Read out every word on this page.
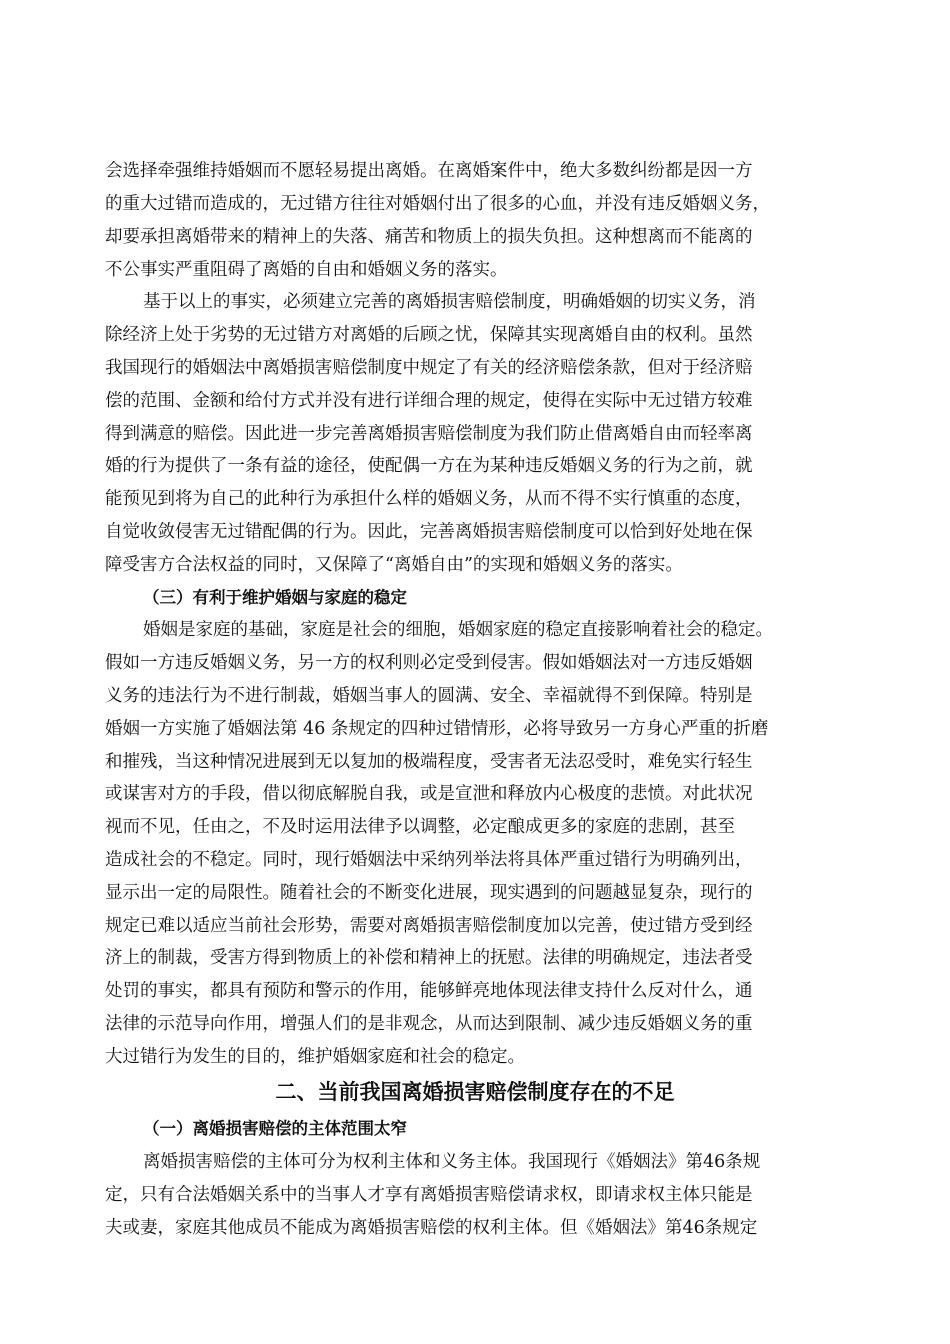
会选择牵强维持婚姻而不愿轻易提出离婚。在离婚案件中，绝大多数纠纷都是因一方
的重大过错而造成的，无过错方往往对婚姻付出了很多的心血，并没有违反婚姻义务，
却要承担离婚带来的精神上的失落、痛苦和物质上的损失负担。这种想离而不能离的
不公事实严重阻碍了离婚的自由和婚姻义务的落实。
基于以上的事实，必须建立完善的离婚损害赔偿制度，明确婚姻的切实义务，消
除经济上处于劣势的无过错方对离婚的后顾之忧，保障其实现离婚自由的权利。虽然
我国现行的婚姻法中离婚损害赔偿制度中规定了有关的经济赔偿条款，但对于经济赔
偿的范围、金额和给付方式并没有进行详细合理的规定，使得在实际中无过错方较难
得到满意的赔偿。因此进一步完善离婚损害赔偿制度为我们防止借离婚自由而轻率离
婚的行为提供了一条有益的途径，使配偶一方在为某种违反婚姻义务的行为之前，就
能预见到将为自己的此种行为承担什么样的婚姻义务，从而不得不实行慎重的态度，
自觉收敛侵害无过错配偶的行为。因此，完善离婚损害赔偿制度可以恰到好处地在保
障受害方合法权益的同时，又保障了“离婚自由”的实现和婚姻义务的落实。
（三）有利于维护婚姻与家庭的稳定
婚姻是家庭的基础，家庭是社会的细胞，婚姻家庭的稳定直接影响着社会的稳定。
假如一方违反婚姻义务，另一方的权利则必定受到侵害。假如婚姻法对一方违反婚姻
义务的违法行为不进行制裁，婚姻当事人的圆满、安全、幸福就得不到保障。特别是
婚姻一方实施了婚姻法第 46 条规定的四种过错情形，必将导致另一方身心严重的折磨
和摧残，当这种情况进展到无以复加的极端程度，受害者无法忍受时，难免实行轻生
或谋害对方的手段，借以彻底解脱自我，或是宣泄和释放内心极度的悲愤。对此状况
视而不见，任由之，不及时运用法律予以调整，必定酿成更多的家庭的悲剧，甚至
造成社会的不稳定。同时，现行婚姻法中采纳列举法将具体严重过错行为明确列出，
显示出一定的局限性。随着社会的不断变化进展，现实遇到的问题越显复杂，现行的
规定已难以适应当前社会形势，需要对离婚损害赔偿制度加以完善，使过错方受到经
济上的制裁，受害方得到物质上的补偿和精神上的抚慰。法律的明确规定，违法者受
处罚的事实，都具有预防和警示的作用，能够鲜亮地体现法律支持什么反对什么，通
法律的示范导向作用，增强人们的是非观念，从而达到限制、减少违反婚姻义务的重
大过错行为发生的目的，维护婚姻家庭和社会的稳定。
二、当前我国离婚损害赔偿制度存在的不足
（一）离婚损害赔偿的主体范围太窄
离婚损害赔偿的主体可分为权利主体和义务主体。我国现行《婚姻法》第46条规
定，只有合法婚姻关系中的当事人才享有离婚损害赔偿请求权，即请求权主体只能是
夫或妻，家庭其他成员不能成为离婚损害赔偿的权利主体。但《婚姻法》第46条规定
